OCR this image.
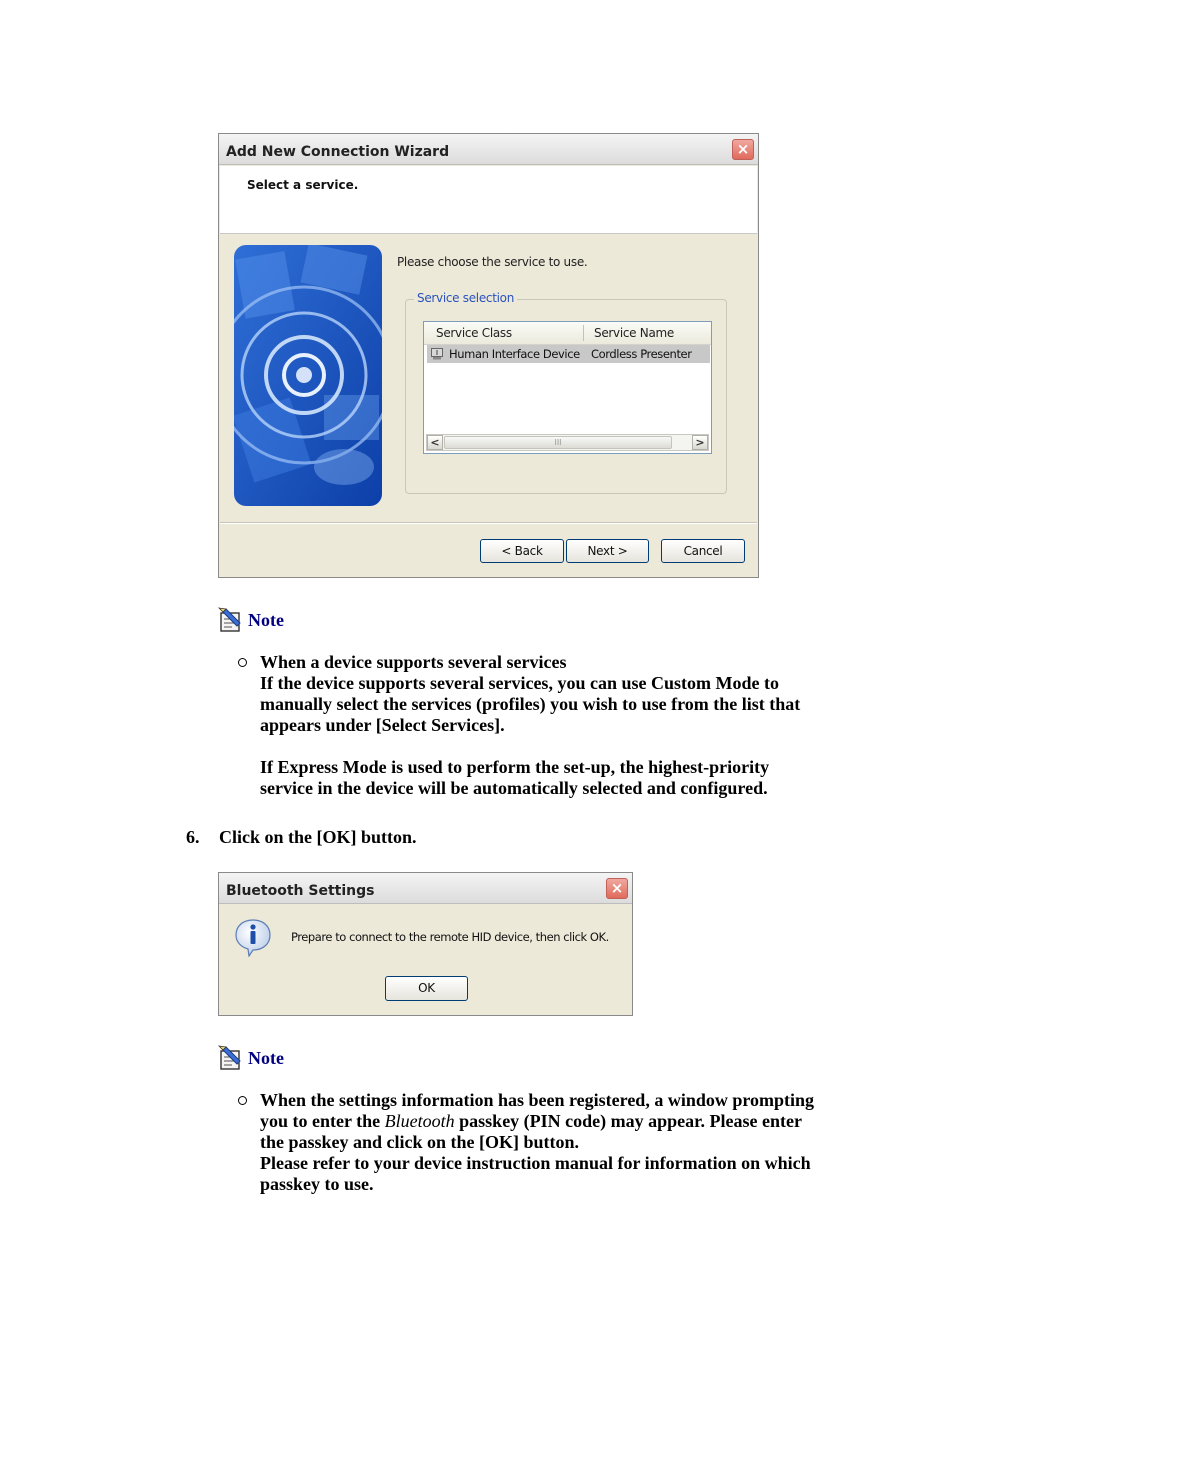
Add New Connection Wizard	×
Select a service.
Please choose the service to use.
Service selection
Service Class	Service Name
Human Interface Device Cordless Presenter
<	III	>
< Back	Next >	Cancel
Note
When a device supports several services
If the device supports several services, you can use Custom Mode to
manually select the services (profiles) you wish to use from the list that
appears under [Select Services].
If Express Mode is used to perform the set-up, the highest-priority
service in the device will be automatically selected and configured.
6. Click on the [OK] button.
Bluetooth Settings	×
Prepare to connect to the remote HID device, then click OK.
OK
Note
When the settings information has been registered, a window prompting
you to enter the Bluetooth passkey (PIN code) may appear. Please enter
the passkey and click on the [OK] button.
Please refer to your device instruction manual for information on which
passkey to use.
